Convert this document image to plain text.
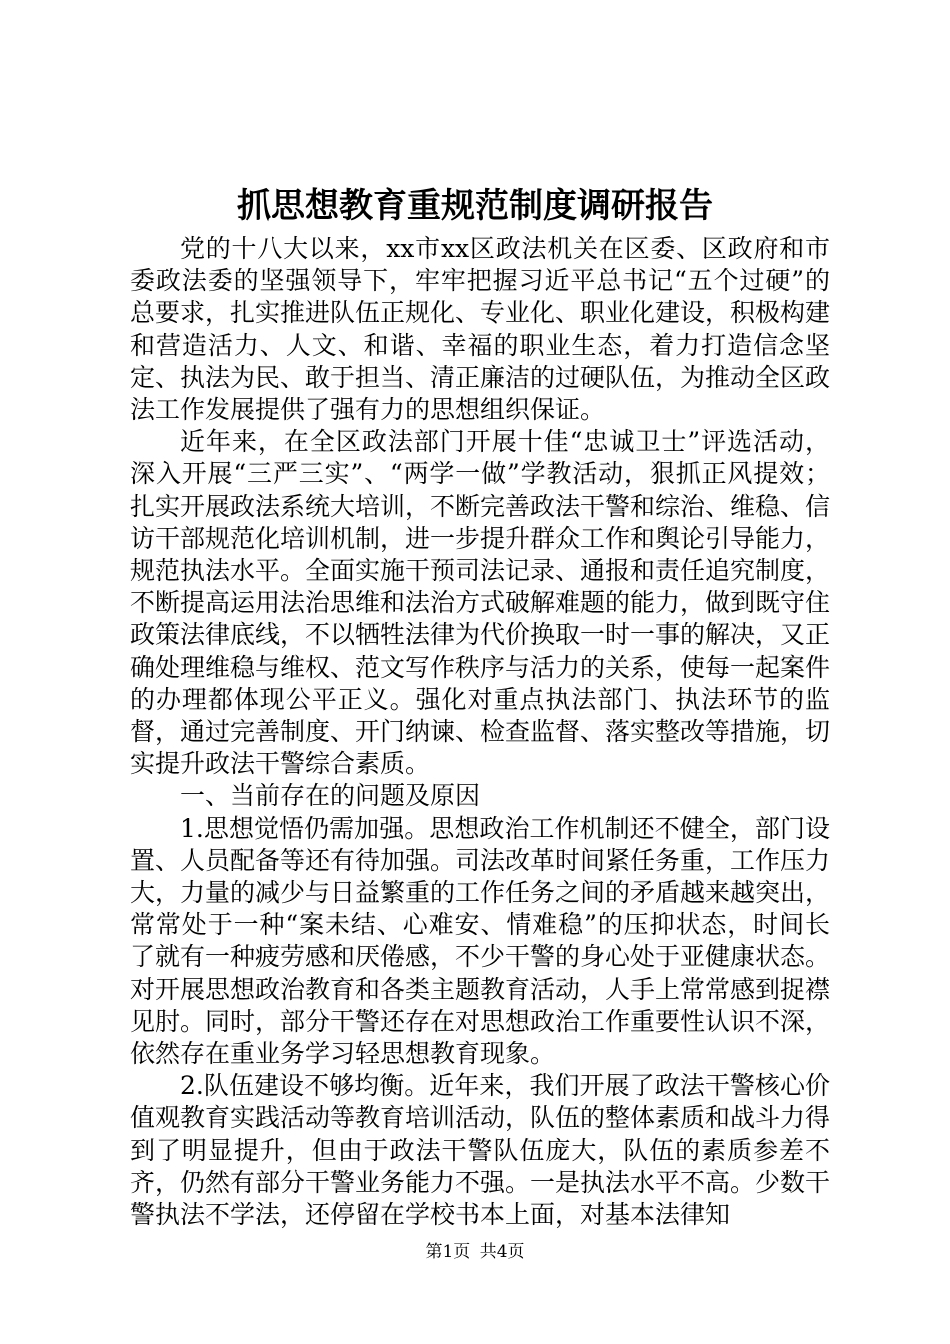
抓思想教育重规范制度调研报告

党的十八大以来，xx市xx区政法机关在区委、区政府和市委政法委的坚强领导下，牢牢把握习近平总书记“五个过硬”的总要求，扎实推进队伍正规化、专业化、职业化建设，积极构建和营造活力、人文、和谐、幸福的职业生态，着力打造信念坚定、执法为民、敢于担当、清正廉洁的过硬队伍，为推动全区政法工作发展提供了强有力的思想组织保证。

近年来，在全区政法部门开展十佳“忠诚卫士”评选活动，深入开展“三严三实”、“两学一做”学教活动，狠抓正风提效；扎实开展政法系统大培训，不断完善政法干警和综治、维稳、信访干部规范化培训机制，进一步提升群众工作和舆论引导能力，规范执法水平。全面实施干预司法记录、通报和责任追究制度，不断提高运用法治思维和法治方式破解难题的能力，做到既守住政策法律底线，不以牺牲法律为代价换取一时一事的解决，又正确处理维稳与维权、范文写作秩序与活力的关系，使每一起案件的办理都体现公平正义。强化对重点执法部门、执法环节的监督，通过完善制度、开门纳谏、检查监督、落实整改等措施，切实提升政法干警综合素质。

一、当前存在的问题及原因

1.思想觉悟仍需加强。思想政治工作机制还不健全，部门设置、人员配备等还有待加强。司法改革时间紧任务重，工作压力大，力量的减少与日益繁重的工作任务之间的矛盾越来越突出，常常处于一种“案未结、心难安、情难稳”的压抑状态，时间长了就有一种疲劳感和厌倦感，不少干警的身心处于亚健康状态。对开展思想政治教育和各类主题教育活动，人手上常常感到捉襟见肘。同时，部分干警还存在对思想政治工作重要性认识不深，依然存在重业务学习轻思想教育现象。

2.队伍建设不够均衡。近年来，我们开展了政法干警核心价值观教育实践活动等教育培训活动，队伍的整体素质和战斗力得到了明显提升，但由于政法干警队伍庞大，队伍的素质参差不齐，仍然有部分干警业务能力不强。一是执法水平不高。少数干警执法不学法，还停留在学校书本上面，对基本法律知

第1页 共4页
